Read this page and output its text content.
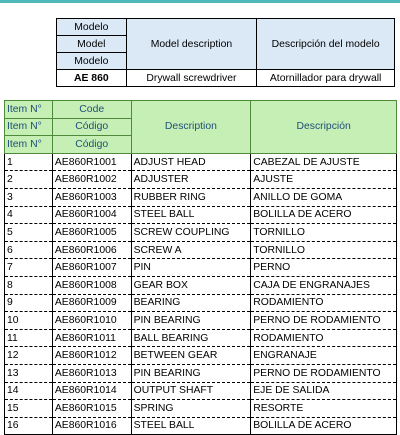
Modelo	Model description	Descripción del modelo
Model		
Modelo		
AE 860	Drywall screwdriver	Atornillador para drywall
Item N°	Code	Description	Descripción
Item N°	Código		
Item N°	Código		
1	AE860R1001	ADJUST HEAD	CABEZAL DE AJUSTE
2	AE860R1002	ADJUSTER	AJUSTE
3	AE860R1003	RUBBER RING	ANILLO DE GOMA
4	AE860R1004	STEEL BALL	BOLILLA DE ACERO
5	AE860R1005	SCREW COUPLING	TORNILLO
6	AE860R1006	SCREW A	TORNILLO
7	AE860R1007	PIN	PERNO
8	AE860R1008	GEAR BOX	CAJA DE ENGRANAJES
9	AE860R1009	BEARING	RODAMIENTO
10	AE860R1010	PIN BEARING	PERNO DE RODAMIENTO
11	AE860R1011	BALL BEARING	RODAMIENTO
12	AE860R1012	BETWEEN GEAR	ENGRANAJE
13	AE860R1013	PIN BEARING	PERNO DE RODAMIENTO
14	AE860R1014	OUTPUT SHAFT	EJE DE SALIDA
15	AE860R1015	SPRING	RESORTE
16	AE860R1016	STEEL BALL	BOLILLA DE ACERO
